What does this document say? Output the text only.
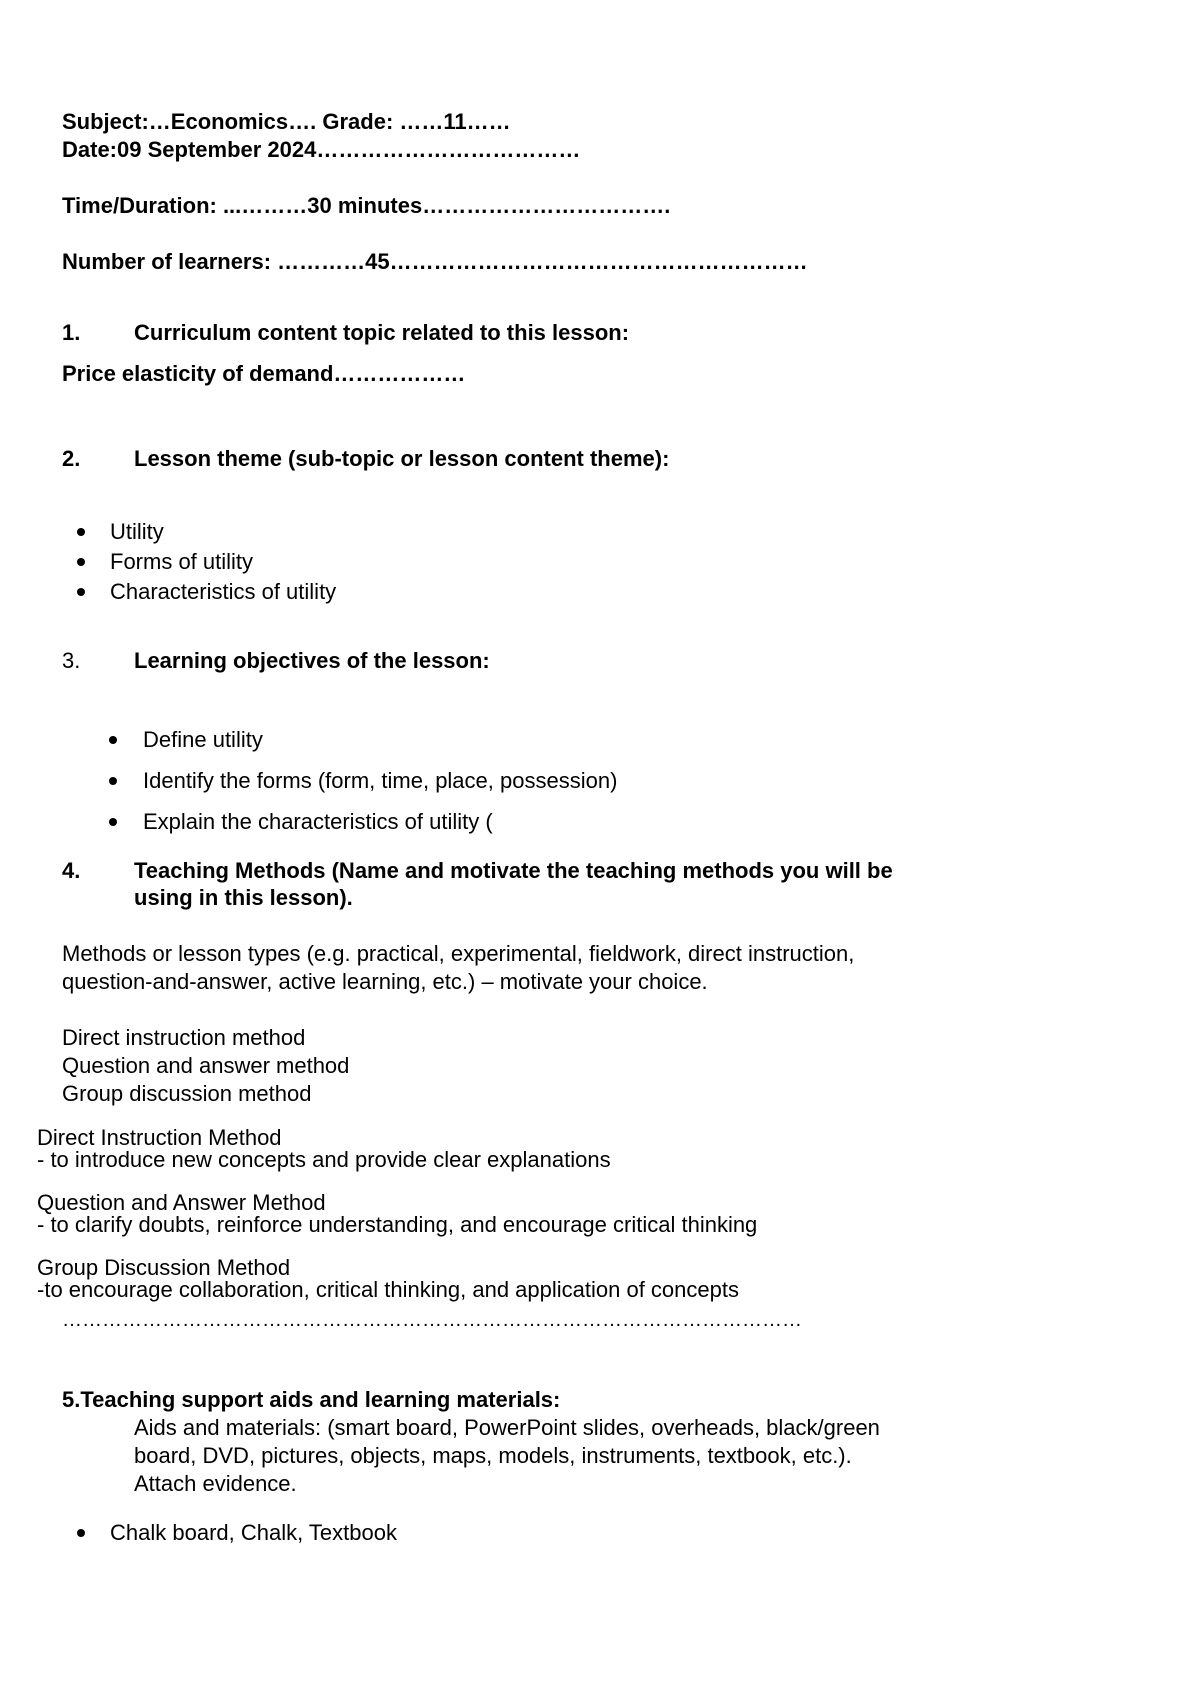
Subject:…Economics…. Grade: ……11……
Date:09 September 2024………………………………
Time/Duration: ...………30 minutes…………………………….
Number of learners: …………45…………………………………………………
1. Curriculum content topic related to this lesson:
Price elasticity of demand………………
2. Lesson theme (sub-topic or lesson content theme):
Utility
Forms of utility
Characteristics of utility
3. Learning objectives of the lesson:
Define utility
Identify the forms (form, time, place, possession)
Explain the characteristics of utility (
4. Teaching Methods (Name and motivate the teaching methods you will be
using in this lesson).
Methods or lesson types (e.g. practical, experimental, fieldwork, direct instruction,
question-and-answer, active learning, etc.) – motivate your choice.
Direct instruction method
Question and answer method
Group discussion method
Direct Instruction Method
- to introduce new concepts and provide clear explanations
Question and Answer Method
- to clarify doubts, reinforce understanding, and encourage critical thinking
Group Discussion Method
-to encourage collaboration, critical thinking, and application of concepts
…………………………………………………………………………………………………
5.Teaching support aids and learning materials:
Aids and materials: (smart board, PowerPoint slides, overheads, black/green
board, DVD, pictures, objects, maps, models, instruments, textbook, etc.).
Attach evidence.
Chalk board, Chalk, Textbook
